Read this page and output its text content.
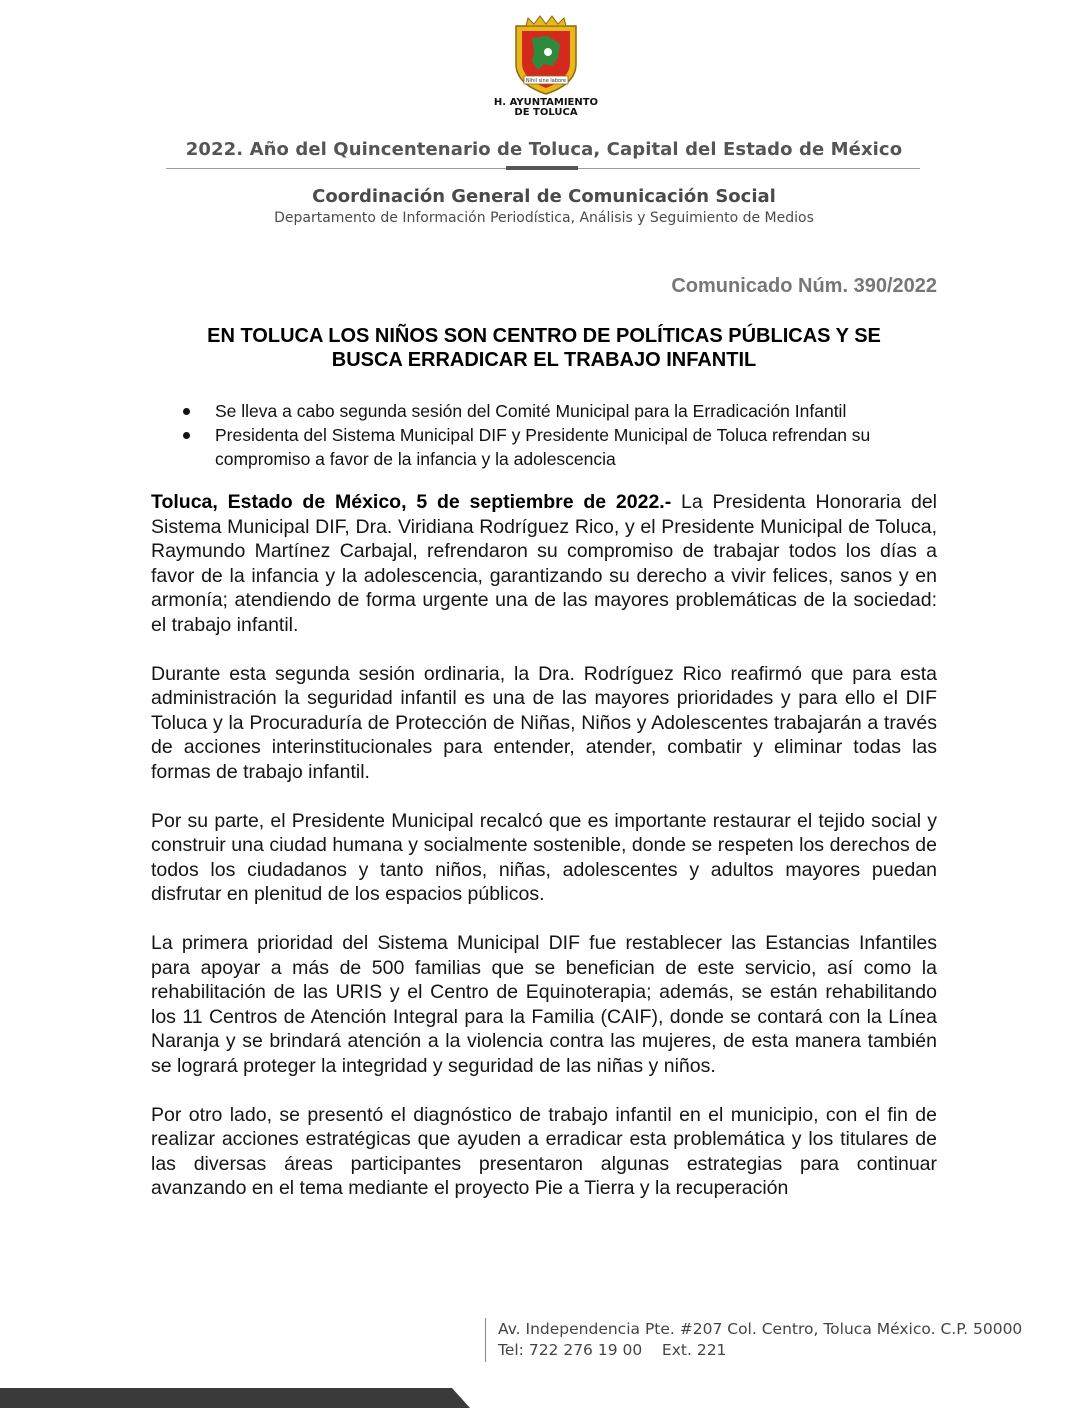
Nihil sine labore
H. AYUNTAMIENTO
DE TOLUCA
2022. Año del Quincentenario de Toluca, Capital del Estado de México
Coordinación General de Comunicación Social
Departamento de Información Periodística, Análisis y Seguimiento de Medios
Comunicado Núm. 390/2022
EN TOLUCA LOS NIÑOS SON CENTRO DE POLÍTICAS PÚBLICAS Y SE
BUSCA ERRADICAR EL TRABAJO INFANTIL
Se lleva a cabo segunda sesión del Comité Municipal para la Erradicación Infantil
Presidenta del Sistema Municipal DIF y Presidente Municipal de Toluca refrendan su compromiso a favor de la infancia y la adolescencia

Toluca, Estado de México, 5 de septiembre de 2022.- La Presidenta Honoraria del Sistema Municipal DIF, Dra. Viridiana Rodríguez Rico, y el Presidente Municipal de Toluca, Raymundo Martínez Carbajal, refrendaron su compromiso de trabajar todos los días a favor de la infancia y la adolescencia, garantizando su derecho a vivir felices, sanos y en armonía; atendiendo de forma urgente una de las mayores problemáticas de la sociedad: el trabajo infantil.

Durante esta segunda sesión ordinaria, la Dra. Rodríguez Rico reafirmó que para esta administración la seguridad infantil es una de las mayores prioridades y para ello el DIF Toluca y la Procuraduría de Protección de Niñas, Niños y Adolescentes trabajarán a través de acciones interinstitucionales para entender, atender, combatir y eliminar todas las formas de trabajo infantil.

Por su parte, el Presidente Municipal recalcó que es importante restaurar el tejido social y construir una ciudad humana y socialmente sostenible, donde se respeten los derechos de todos los ciudadanos y tanto niños, niñas, adolescentes y adultos mayores puedan disfrutar en plenitud de los espacios públicos.

La primera prioridad del Sistema Municipal DIF fue restablecer las Estancias Infantiles para apoyar a más de 500 familias que se benefician de este servicio, así como la rehabilitación de las URIS y el Centro de Equinoterapia; además, se están rehabilitando los 11 Centros de Atención Integral para la Familia (CAIF), donde se contará con la Línea Naranja y se brindará atención a la violencia contra las mujeres, de esta manera también se logrará proteger la integridad y seguridad de las niñas y niños.

Por otro lado, se presentó el diagnóstico de trabajo infantil en el municipio, con el fin de realizar acciones estratégicas que ayuden a erradicar esta problemática y los titulares de las diversas áreas participantes presentaron algunas estrategias para continuar avanzando en el tema mediante el proyecto Pie a Tierra y la recuperación

Av. Independencia Pte. #207 Col. Centro, Toluca México. C.P. 50000
Tel: 722 276 19 00    Ext. 221
